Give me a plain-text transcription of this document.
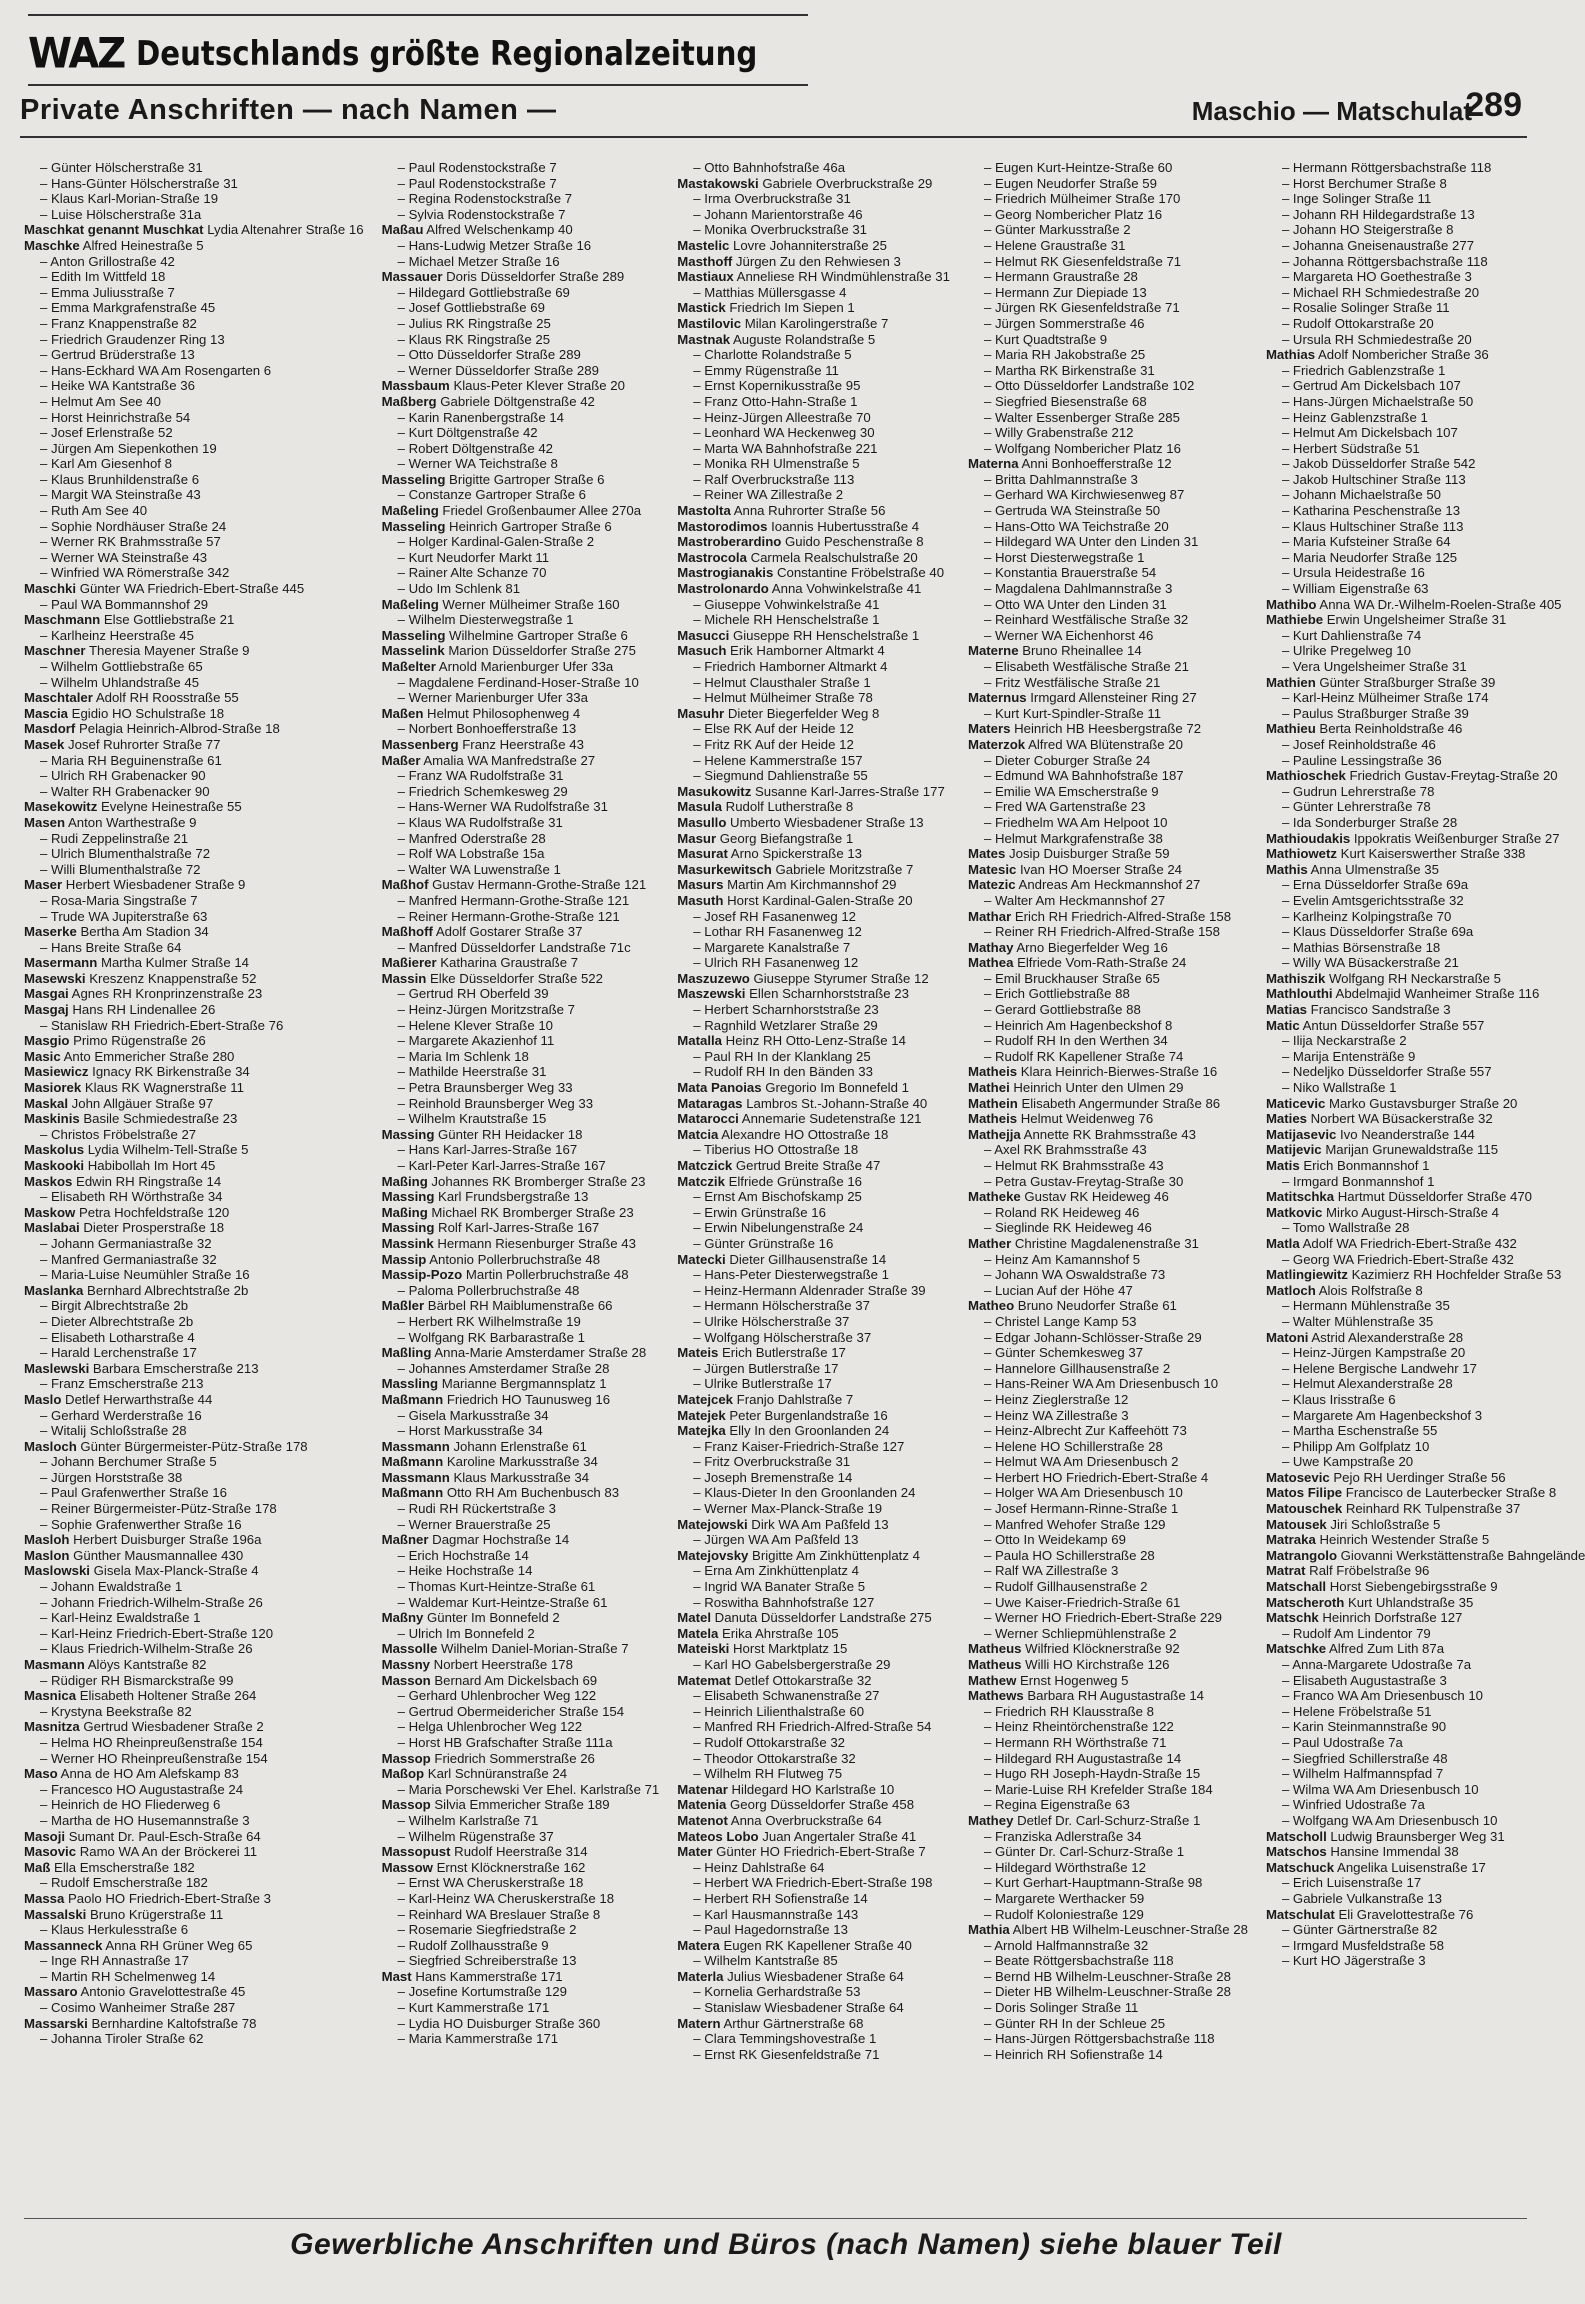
WAZ Deutschlands größte Regionalzeitung
Private Anschriften — nach Namen —	Maschio — Matschulat
289
– Günter Hölscherstraße 31
– Hans-Günter Hölscherstraße 31
– Klaus Karl-Morian-Straße 19
– Luise Hölscherstraße 31a
Maschkat genannt Muschkat Lydia Altenahrer Straße 16
Maschke Alfred Heinestraße 5
– Anton Grillostraße 42
– Edith Im Wittfeld 18
– Emma Juliusstraße 7
– Emma Markgrafenstraße 45
– Franz Knappenstraße 82
– Friedrich Graudenzer Ring 13
– Gertrud Brüderstraße 13
– Hans-Eckhard WA Am Rosengarten 6
– Heike WA Kantstraße 36
– Helmut Am See 40
– Horst Heinrichstraße 54
– Josef Erlenstraße 52
– Jürgen Am Siepenkothen 19
– Karl Am Giesenhof 8
– Klaus Brunhildenstraße 6
– Margit WA Steinstraße 43
– Ruth Am See 40
– Sophie Nordhäuser Straße 24
– Werner RK Brahmsstraße 57
– Werner WA Steinstraße 43
– Winfried WA Römerstraße 342
Maschki Günter WA Friedrich-Ebert-Straße 445
– Paul WA Bommannshof 29
Maschmann Else Gottliebstraße 21
– Karlheinz Heerstraße 45
Maschner Theresia Mayener Straße 9
– Wilhelm Gottliebstraße 65
– Wilhelm Uhlandstraße 45
Maschtaler Adolf RH Roosstraße 55
Mascia Egidio HO Schulstraße 18
Masdorf Pelagia Heinrich-Albrod-Straße 18
Masek Josef Ruhrorter Straße 77
– Maria RH Beguinenstraße 61
– Ulrich RH Grabenacker 90
– Walter RH Grabenacker 90
Masekowitz Evelyne Heinestraße 55
Masen Anton Warthestraße 9
– Rudi Zeppelinstraße 21
– Ulrich Blumenthalstraße 72
– Willi Blumenthalstraße 72
Maser Herbert Wiesbadener Straße 9
– Rosa-Maria Singstraße 7
– Trude WA Jupiterstraße 63
Maserke Bertha Am Stadion 34
– Hans Breite Straße 64
Masermann Martha Kulmer Straße 14
Masewski Kreszenz Knappenstraße 52
Masgai Agnes RH Kronprinzenstraße 23
Masgaj Hans RH Lindenallee 26
– Stanislaw RH Friedrich-Ebert-Straße 76
Masgio Primo Rügenstraße 26
Masic Anto Emmericher Straße 280
Masiewicz Ignacy RK Birkenstraße 34
Masiorek Klaus RK Wagnerstraße 11
Maskal John Allgäuer Straße 97
Maskinis Basile Schmiedestraße 23
– Christos Fröbelstraße 27
Maskolus Lydia Wilhelm-Tell-Straße 5
Maskooki Habibollah Im Hort 45
Maskos Edwin RH Ringstraße 14
– Elisabeth RH Wörthstraße 34
Maskow Petra Hochfeldstraße 120
Maslabai Dieter Prosperstraße 18
– Johann Germaniastraße 32
– Manfred Germaniastraße 32
– Maria-Luise Neumühler Straße 16
Maslanka Bernhard Albrechtstraße 2b
– Birgit Albrechtstraße 2b
– Dieter Albrechtstraße 2b
– Elisabeth Lotharstraße 4
– Harald Lerchenstraße 17
Maslewski Barbara Emscherstraße 213
– Franz Emscherstraße 213
Maslo Detlef Herwarthstraße 44
– Gerhard Werderstraße 16
– Witalij Schloßstraße 28
Masloch Günter Bürgermeister-Pütz-Straße 178
– Johann Berchumer Straße 5
– Jürgen Horststraße 38
– Paul Grafenwerther Straße 16
– Reiner Bürgermeister-Pütz-Straße 178
– Sophie Grafenwerther Straße 16
Masloh Herbert Duisburger Straße 196a
Maslon Günther Mausmannallee 430
Maslowski Gisela Max-Planck-Straße 4
– Johann Ewaldstraße 1
– Johann Friedrich-Wilhelm-Straße 26
– Karl-Heinz Ewaldstraße 1
– Karl-Heinz Friedrich-Ebert-Straße 120
– Klaus Friedrich-Wilhelm-Straße 26
Masmann Alöys Kantstraße 82
– Rüdiger RH Bismarckstraße 99
Masnica Elisabeth Holtener Straße 264
– Krystyna Beekstraße 82
Masnitza Gertrud Wiesbadener Straße 2
– Helma HO Rheinpreußenstraße 154
– Werner HO Rheinpreußenstraße 154
Maso Anna de HO Am Alefskamp 83
– Francesco HO Augustastraße 24
– Heinrich de HO Fliederweg 6
– Martha de HO Husemannstraße 3
Masoji Sumant Dr. Paul-Esch-Straße 64
Masovic Ramo WA An der Bröckerei 11
Maß Ella Emscherstraße 182
– Rudolf Emscherstraße 182
Massa Paolo HO Friedrich-Ebert-Straße 3
Massalski Bruno Krügerstraße 11
– Klaus Herkulesstraße 6
Massanneck Anna RH Grüner Weg 65
– Inge RH Annastraße 17
– Martin RH Schelmenweg 14
Massaro Antonio Gravelottestraße 45
– Cosimo Wanheimer Straße 287
Massarski Bernhardine Kaltofstraße 78
– Johanna Tiroler Straße 62
– Paul Rodenstockstraße 7
– Paul Rodenstockstraße 7
– Regina Rodenstockstraße 7
– Sylvia Rodenstockstraße 7
Maßau Alfred Welschenkamp 40
– Hans-Ludwig Metzer Straße 16
– Michael Metzer Straße 16
Massauer Doris Düsseldorfer Straße 289
– Hildegard Gottliebstraße 69
– Josef Gottliebstraße 69
– Julius RK Ringstraße 25
– Klaus RK Ringstraße 25
– Otto Düsseldorfer Straße 289
– Werner Düsseldorfer Straße 289
Massbaum Klaus-Peter Klever Straße 20
Maßberg Gabriele Döltgenstraße 42
– Karin Ranenbergstraße 14
– Kurt Döltgenstraße 42
– Robert Döltgenstraße 42
– Werner WA Teichstraße 8
Masseling Brigitte Gartroper Straße 6
– Constanze Gartroper Straße 6
Maßeling Friedel Großenbaumer Allee 270a
Masseling Heinrich Gartroper Straße 6
– Holger Kardinal-Galen-Straße 2
– Kurt Neudorfer Markt 11
– Rainer Alte Schanze 70
– Udo Im Schlenk 81
Maßeling Werner Mülheimer Straße 160
– Wilhelm Diesterwegstraße 1
Masseling Wilhelmine Gartroper Straße 6
Masselink Marion Düsseldorfer Straße 275
Maßelter Arnold Marienburger Ufer 33a
– Magdalene Ferdinand-Hoser-Straße 10
– Werner Marienburger Ufer 33a
Maßen Helmut Philosophenweg 4
– Norbert Bonhoefferstraße 13
Massenberg Franz Heerstraße 43
Maßer Amalia WA Manfredstraße 27
– Franz WA Rudolfstraße 31
– Friedrich Schemkesweg 29
– Hans-Werner WA Rudolfstraße 31
– Klaus WA Rudolfstraße 31
– Manfred Oderstraße 28
– Rolf WA Lobstraße 15a
– Walter WA Luwenstraße 1
Maßhof Gustav Hermann-Grothe-Straße 121
– Manfred Hermann-Grothe-Straße 121
– Reiner Hermann-Grothe-Straße 121
Maßhoff Adolf Gostarer Straße 37
– Manfred Düsseldorfer Landstraße 71c
Maßierer Katharina Graustraße 7
Massin Elke Düsseldorfer Straße 522
– Gertrud RH Oberfeld 39
– Heinz-Jürgen Moritzstraße 7
– Helene Klever Straße 10
– Margarete Akazienhof 11
– Maria Im Schlenk 18
– Mathilde Heerstraße 31
– Petra Braunsberger Weg 33
– Reinhold Braunsberger Weg 33
– Wilhelm Krautstraße 15
Massing Günter RH Heidacker 18
– Hans Karl-Jarres-Straße 167
– Karl-Peter Karl-Jarres-Straße 167
Maßing Johannes RK Bromberger Straße 23
Massing Karl Frundsbergstraße 13
Maßing Michael RK Bromberger Straße 23
Massing Rolf Karl-Jarres-Straße 167
Massink Hermann Riesenburger Straße 43
Massip Antonio Pollerbruchstraße 48
Massip-Pozo Martin Pollerbruchstraße 48
– Paloma Pollerbruchstraße 48
Maßler Bärbel RH Maiblumenstraße 66
– Herbert RK Wilhelmstraße 19
– Wolfgang RK Barbarastraße 1
Maßling Anna-Marie Amsterdamer Straße 28
– Johannes Amsterdamer Straße 28
Massling Marianne Bergmannsplatz 1
Maßmann Friedrich HO Taunusweg 16
– Gisela Markusstraße 34
– Horst Markusstraße 34
Massmann Johann Erlenstraße 61
Maßmann Karoline Markusstraße 34
Massmann Klaus Markusstraße 34
Maßmann Otto RH Am Buchenbusch 83
– Rudi RH Rückertstraße 3
– Werner Brauerstraße 25
Maßner Dagmar Hochstraße 14
– Erich Hochstraße 14
– Heike Hochstraße 14
– Thomas Kurt-Heintze-Straße 61
– Waldemar Kurt-Heintze-Straße 61
Maßny Günter Im Bonnefeld 2
– Ulrich Im Bonnefeld 2
Massolle Wilhelm Daniel-Morian-Straße 7
Massny Norbert Heerstraße 178
Masson Bernard Am Dickelsbach 69
– Gerhard Uhlenbrocher Weg 122
– Gertrud Obermeidericher Straße 154
– Helga Uhlenbrocher Weg 122
– Horst HB Grafschafter Straße 111a
Massop Friedrich Sommerstraße 26
Maßop Karl Schnüranstraße 24
– Maria Porschewski Ver Ehel. Karlstraße 71
Massop Silvia Emmericher Straße 189
– Wilhelm Karlstraße 71
– Wilhelm Rügenstraße 37
Massopust Rudolf Heerstraße 314
Massow Ernst Klöcknerstraße 162
– Ernst WA Cheruskerstraße 18
– Karl-Heinz WA Cheruskerstraße 18
– Reinhard WA Breslauer Straße 8
– Rosemarie Siegfriedstraße 2
– Rudolf Zollhausstraße 9
– Siegfried Schreiberstraße 13
Mast Hans Kammerstraße 171
– Josefine Kortumstraße 129
– Kurt Kammerstraße 171
– Lydia HO Duisburger Straße 360
– Maria Kammerstraße 171
– Otto Bahnhofstraße 46a
Mastakowski Gabriele Overbruckstraße 29
– Irma Overbruckstraße 31
– Johann Marientorstraße 46
– Monika Overbruckstraße 31
Mastelic Lovre Johanniterstraße 25
Masthoff Jürgen Zu den Rehwiesen 3
Mastiaux Anneliese RH Windmühlenstraße 31
– Matthias Müllersgasse 4
Mastick Friedrich Im Siepen 1
Mastilovic Milan Karolingerstraße 7
Mastnak Auguste Rolandstraße 5
– Charlotte Rolandstraße 5
– Emmy Rügenstraße 11
– Ernst Kopernikusstraße 95
– Franz Otto-Hahn-Straße 1
– Heinz-Jürgen Alleestraße 70
– Leonhard WA Heckenweg 30
– Marta WA Bahnhofstraße 221
– Monika RH Ulmenstraße 5
– Ralf Overbruckstraße 113
– Reiner WA Zillestraße 2
Mastolta Anna Ruhrorter Straße 56
Mastorodimos Ioannis Hubertusstraße 4
Mastroberardino Guido Peschenstraße 8
Mastrocola Carmela Realschulstraße 20
Mastrogianakis Constantine Fröbelstraße 40
Mastrolonardo Anna Vohwinkelstraße 41
– Giuseppe Vohwinkelstraße 41
– Michele RH Henschelstraße 1
Masucci Giuseppe RH Henschelstraße 1
Masuch Erik Hamborner Altmarkt 4
– Friedrich Hamborner Altmarkt 4
– Helmut Clausthaler Straße 1
– Helmut Mülheimer Straße 78
Masuhr Dieter Biegerfelder Weg 8
– Else RK Auf der Heide 12
– Fritz RK Auf der Heide 12
– Helene Kammerstraße 157
– Siegmund Dahlienstraße 55
Masukowitz Susanne Karl-Jarres-Straße 177
Masula Rudolf Lutherstraße 8
Masullo Umberto Wiesbadener Straße 13
Masur Georg Biefangstraße 1
Masurat Arno Spickerstraße 13
Masurkewitsch Gabriele Moritzstraße 7
Masurs Martin Am Kirchmannshof 29
Masuth Horst Kardinal-Galen-Straße 20
– Josef RH Fasanenweg 12
– Lothar RH Fasanenweg 12
– Margarete Kanalstraße 7
– Ulrich RH Fasanenweg 12
Maszuzewo Giuseppe Styrumer Straße 12
Maszewski Ellen Scharnhorststraße 23
– Herbert Scharnhorststraße 23
– Ragnhild Wetzlarer Straße 29
Matalla Heinz RH Otto-Lenz-Straße 14
– Paul RH In der Klanklang 25
– Rudolf RH In den Bänden 33
Mata Panoias Gregorio Im Bonnefeld 1
Mataragas Lambros St.-Johann-Straße 40
Matarocci Annemarie Sudetenstraße 121
Matcia Alexandre HO Ottostraße 18
– Tiberius HO Ottostraße 18
Matczick Gertrud Breite Straße 47
Matczik Elfriede Grünstraße 16
– Ernst Am Bischofskamp 25
– Erwin Grünstraße 16
– Erwin Nibelungenstraße 24
– Günter Grünstraße 16
Matecki Dieter Gillhausenstraße 14
– Hans-Peter Diesterwegstraße 1
– Heinz-Hermann Aldenrader Straße 39
– Hermann Hölscherstraße 37
– Ulrike Hölscherstraße 37
– Wolfgang Hölscherstraße 37
Mateis Erich Butlerstraße 17
– Jürgen Butlerstraße 17
– Ulrike Butlerstraße 17
Matejcek Franjo Dahlstraße 7
Matejek Peter Burgenlandstraße 16
Matejka Elly In den Groonlanden 24
– Franz Kaiser-Friedrich-Straße 127
– Fritz Overbruckstraße 31
– Joseph Bremenstraße 14
– Klaus-Dieter In den Groonlanden 24
– Werner Max-Planck-Straße 19
Matejowski Dirk WA Am Paßfeld 13
– Jürgen WA Am Paßfeld 13
Matejovsky Brigitte Am Zinkhüttenplatz 4
– Erna Am Zinkhüttenplatz 4
– Ingrid WA Banater Straße 5
– Roswitha Bahnhofstraße 127
Matel Danuta Düsseldorfer Landstraße 275
Matela Erika Ahrstraße 105
Mateiski Horst Marktplatz 15
– Karl HO Gabelsbergerstraße 29
Matemat Detlef Ottokarstraße 32
– Elisabeth Schwanenstraße 27
– Heinrich Lilienthalstraße 60
– Manfred RH Friedrich-Alfred-Straße 54
– Rudolf Ottokarstraße 32
– Theodor Ottokarstraße 32
– Wilhelm RH Flutweg 75
Matenar Hildegard HO Karlstraße 10
Matenia Georg Düsseldorfer Straße 458
Matenot Anna Overbruckstraße 64
Mateos Lobo Juan Angertaler Straße 41
Mater Günter HO Friedrich-Ebert-Straße 7
– Heinz Dahlstraße 64
– Herbert WA Friedrich-Ebert-Straße 198
– Herbert RH Sofienstraße 14
– Karl Hausmannstraße 143
– Paul Hagedornstraße 13
Matera Eugen RK Kapellener Straße 40
– Wilhelm Kantstraße 85
Materla Julius Wiesbadener Straße 64
– Kornelia Gerhardstraße 53
– Stanislaw Wiesbadener Straße 64
Matern Arthur Gärtnerstraße 68
– Clara Temmingshovestraße 1
– Ernst RK Giesenfeldstraße 71
– Eugen Kurt-Heintze-Straße 60
– Eugen Neudorfer Straße 59
– Friedrich Mülheimer Straße 170
– Georg Nombericher Platz 16
– Günter Markusstraße 2
– Helene Graustraße 31
– Helmut RK Giesenfeldstraße 71
– Hermann Graustraße 28
– Hermann Zur Diepiade 13
– Jürgen RK Giesenfeldstraße 71
– Jürgen Sommerstraße 46
– Kurt Quadtstraße 9
– Maria RH Jakobstraße 25
– Martha RK Birkenstraße 31
– Otto Düsseldorfer Landstraße 102
– Siegfried Biesenstraße 68
– Walter Essenberger Straße 285
– Willy Grabenstraße 212
– Wolfgang Nombericher Platz 16
Materna Anni Bonhoefferstraße 12
– Britta Dahlmannstraße 3
– Gerhard WA Kirchwiesenweg 87
– Gertruda WA Steinstraße 50
– Hans-Otto WA Teichstraße 20
– Hildegard WA Unter den Linden 31
– Horst Diesterwegstraße 1
– Konstantia Brauerstraße 54
– Magdalena Dahlmannstraße 3
– Otto WA Unter den Linden 31
– Reinhard Westfälische Straße 32
– Werner WA Eichenhorst 46
Materne Bruno Rheinallee 14
– Elisabeth Westfälische Straße 21
– Fritz Westfälische Straße 21
Maternus Irmgard Allensteiner Ring 27
– Kurt Kurt-Spindler-Straße 11
Maters Heinrich HB Heesbergstraße 72
Materzok Alfred WA Blütenstraße 20
– Dieter Coburger Straße 24
– Edmund WA Bahnhofstraße 187
– Emilie WA Emscherstraße 9
– Fred WA Gartenstraße 23
– Friedhelm WA Am Helpoot 10
– Helmut Markgrafenstraße 38
Mates Josip Duisburger Straße 59
Matesic Ivan HO Moerser Straße 24
Matezic Andreas Am Heckmannshof 27
– Walter Am Heckmannshof 27
Mathar Erich RH Friedrich-Alfred-Straße 158
– Reiner RH Friedrich-Alfred-Straße 158
Mathay Arno Biegerfelder Weg 16
Mathea Elfriede Vom-Rath-Straße 24
– Emil Bruckhauser Straße 65
– Erich Gottliebstraße 88
– Gerard Gottliebstraße 88
– Heinrich Am Hagenbeckshof 8
– Rudolf RH In den Werthen 34
– Rudolf RK Kapellener Straße 74
Matheis Klara Heinrich-Bierwes-Straße 16
Mathei Heinrich Unter den Ulmen 29
Mathein Elisabeth Angermunder Straße 86
Matheis Helmut Weidenweg 76
Mathejja Annette RK Brahmsstraße 43
– Axel RK Brahmsstraße 43
– Helmut RK Brahmsstraße 43
– Petra Gustav-Freytag-Straße 30
Matheke Gustav RK Heideweg 46
– Roland RK Heideweg 46
– Sieglinde RK Heideweg 46
Mather Christine Magdalenenstraße 31
– Heinz Am Kamannshof 5
– Johann WA Oswaldstraße 73
– Lucian Auf der Höhe 47
Matheo Bruno Neudorfer Straße 61
– Christel Lange Kamp 53
– Edgar Johann-Schlösser-Straße 29
– Günter Schemkesweg 37
– Hannelore Gillhausenstraße 2
– Hans-Reiner WA Am Driesenbusch 10
– Heinz Zieglerstraße 12
– Heinz WA Zillestraße 3
– Heinz-Albrecht Zur Kaffeehött 73
– Helene HO Schillerstraße 28
– Helmut WA Am Driesenbusch 2
– Herbert HO Friedrich-Ebert-Straße 4
– Holger WA Am Driesenbusch 10
– Josef Hermann-Rinne-Straße 1
– Manfred Wehofer Straße 129
– Otto In Weidekamp 69
– Paula HO Schillerstraße 28
– Ralf WA Zillestraße 3
– Rudolf Gillhausenstraße 2
– Uwe Kaiser-Friedrich-Straße 61
– Werner HO Friedrich-Ebert-Straße 229
– Werner Schliepmühlenstraße 2
Matheus Wilfried Klöcknerstraße 92
Matheus Willi HO Kirchstraße 126
Mathew Ernst Hogenweg 5
Mathews Barbara RH Augustastraße 14
– Friedrich RH Klausstraße 8
– Heinz Rheintörchenstraße 122
– Hermann RH Wörthstraße 71
– Hildegard RH Augustastraße 14
– Hugo RH Joseph-Haydn-Straße 15
– Marie-Luise RH Krefelder Straße 184
– Regina Eigenstraße 63
Mathey Detlef Dr. Carl-Schurz-Straße 1
– Franziska Adlerstraße 34
– Günter Dr. Carl-Schurz-Straße 1
– Hildegard Wörthstraße 12
– Kurt Gerhart-Hauptmann-Straße 98
– Margarete Werthacker 59
– Rudolf Koloniestraße 129
Mathia Albert HB Wilhelm-Leuschner-Straße 28
– Arnold Halfmannstraße 32
– Beate Röttgersbachstraße 118
– Bernd HB Wilhelm-Leuschner-Straße 28
– Dieter HB Wilhelm-Leuschner-Straße 28
– Doris Solinger Straße 11
– Günter RH In der Schleue 25
– Hans-Jürgen Röttgersbachstraße 118
– Heinrich RH Sofienstraße 14
– Hermann Röttgersbachstraße 118
– Horst Berchumer Straße 8
– Inge Solinger Straße 11
– Johann RH Hildegardstraße 13
– Johann HO Steigerstraße 8
– Johanna Gneisenaustraße 277
– Johanna Röttgersbachstraße 118
– Margareta HO Goethestraße 3
– Michael RH Schmiedestraße 20
– Rosalie Solinger Straße 11
– Rudolf Ottokarstraße 20
– Ursula RH Schmiedestraße 20
Mathias Adolf Nombericher Straße 36
– Friedrich Gablenzstraße 1
– Gertrud Am Dickelsbach 107
– Hans-Jürgen Michaelstraße 50
– Heinz Gablenzstraße 1
– Helmut Am Dickelsbach 107
– Herbert Südstraße 51
– Jakob Düsseldorfer Straße 542
– Jakob Hultschiner Straße 113
– Johann Michaelstraße 50
– Katharina Peschenstraße 13
– Klaus Hultschiner Straße 113
– Maria Kufsteiner Straße 64
– Maria Neudorfer Straße 125
– Ursula Heidestraße 16
– William Eigenstraße 63
Mathibo Anna WA Dr.-Wilhelm-Roelen-Straße 405
Mathiebe Erwin Ungelsheimer Straße 31
– Kurt Dahlienstraße 74
– Ulrike Pregelweg 10
– Vera Ungelsheimer Straße 31
Mathien Günter Straßburger Straße 39
– Karl-Heinz Mülheimer Straße 174
– Paulus Straßburger Straße 39
Mathieu Berta Reinholdstraße 46
– Josef Reinholdstraße 46
– Pauline Lessingstraße 36
Mathioschek Friedrich Gustav-Freytag-Straße 20
– Gudrun Lehrerstraße 78
– Günter Lehrerstraße 78
– Ida Sonderburger Straße 28
Mathioudakis Ippokratis Weißenburger Straße 27
Mathiowetz Kurt Kaiserswerther Straße 338
Mathis Anna Ulmenstraße 35
– Erna Düsseldorfer Straße 69a
– Evelin Amtsgerichtsstraße 32
– Karlheinz Kolpingstraße 70
– Klaus Düsseldorfer Straße 69a
– Mathias Börsenstraße 18
– Willy WA Büsackerstraße 21
Mathiszik Wolfgang RH Neckarstraße 5
Mathlouthi Abdelmajid Wanheimer Straße 116
Matias Francisco Sandstraße 3
Matic Antun Düsseldorfer Straße 557
– Ilija Neckarstraße 2
– Marija Entensträße 9
– Nedeljko Düsseldorfer Straße 557
– Niko Wallstraße 1
Maticevic Marko Gustavsburger Straße 20
Maties Norbert WA Büsackerstraße 32
Matijasevic Ivo Neanderstraße 144
Matijevic Marijan Grunewaldstraße 115
Matis Erich Bonmannshof 1
– Irmgard Bonmannshof 1
Matitschka Hartmut Düsseldorfer Straße 470
Matkovic Mirko August-Hirsch-Straße 4
– Tomo Wallstraße 28
Matla Adolf WA Friedrich-Ebert-Straße 432
– Georg WA Friedrich-Ebert-Straße 432
Matlingiewitz Kazimierz RH Hochfelder Straße 53
Matloch Alois Rolfstraße 8
– Hermann Mühlenstraße 35
– Walter Mühlenstraße 35
Matoni Astrid Alexanderstraße 28
– Heinz-Jürgen Kampstraße 20
– Helene Bergische Landwehr 17
– Helmut Alexanderstraße 28
– Klaus Irisstraße 6
– Margarete Am Hagenbeckshof 3
– Martha Eschenstraße 55
– Philipp Am Golfplatz 10
– Uwe Kampstraße 20
Matosevic Pejo RH Uerdinger Straße 56
Matos Filipe Francisco de Lauterbecker Straße 8
Matouschek Reinhard RK Tulpenstraße 37
Matousek Jiri Schloßstraße 5
Matraka Heinrich Westender Straße 5
Matrangolo Giovanni Werkstättenstraße Bahngelände
Matrat Ralf Fröbelstraße 96
Matschall Horst Siebengebirgsstraße 9
Matscheroth Kurt Uhlandstraße 35
Matschk Heinrich Dorfstraße 127
– Rudolf Am Lindentor 79
Matschke Alfred Zum Lith 87a
– Anna-Margarete Udostraße 7a
– Elisabeth Augustastraße 3
– Franco WA Am Driesenbusch 10
– Helene Fröbelstraße 51
– Karin Steinmannstraße 90
– Paul Udostraße 7a
– Siegfried Schillerstraße 48
– Wilhelm Halfmannspfad 7
– Wilma WA Am Driesenbusch 10
– Winfried Udostraße 7a
– Wolfgang WA Am Driesenbusch 10
Matscholl Ludwig Braunsberger Weg 31
Matschos Hansine Immendal 38
Matschuck Angelika Luisenstraße 17
– Erich Luisenstraße 17
– Gabriele Vulkanstraße 13
Matschulat Eli Gravelottestraße 76
– Günter Gärtnerstraße 82
– Irmgard Musfeldstraße 58
– Kurt HO Jägerstraße 3
Gewerbliche Anschriften und Büros (nach Namen) siehe blauer Teil
